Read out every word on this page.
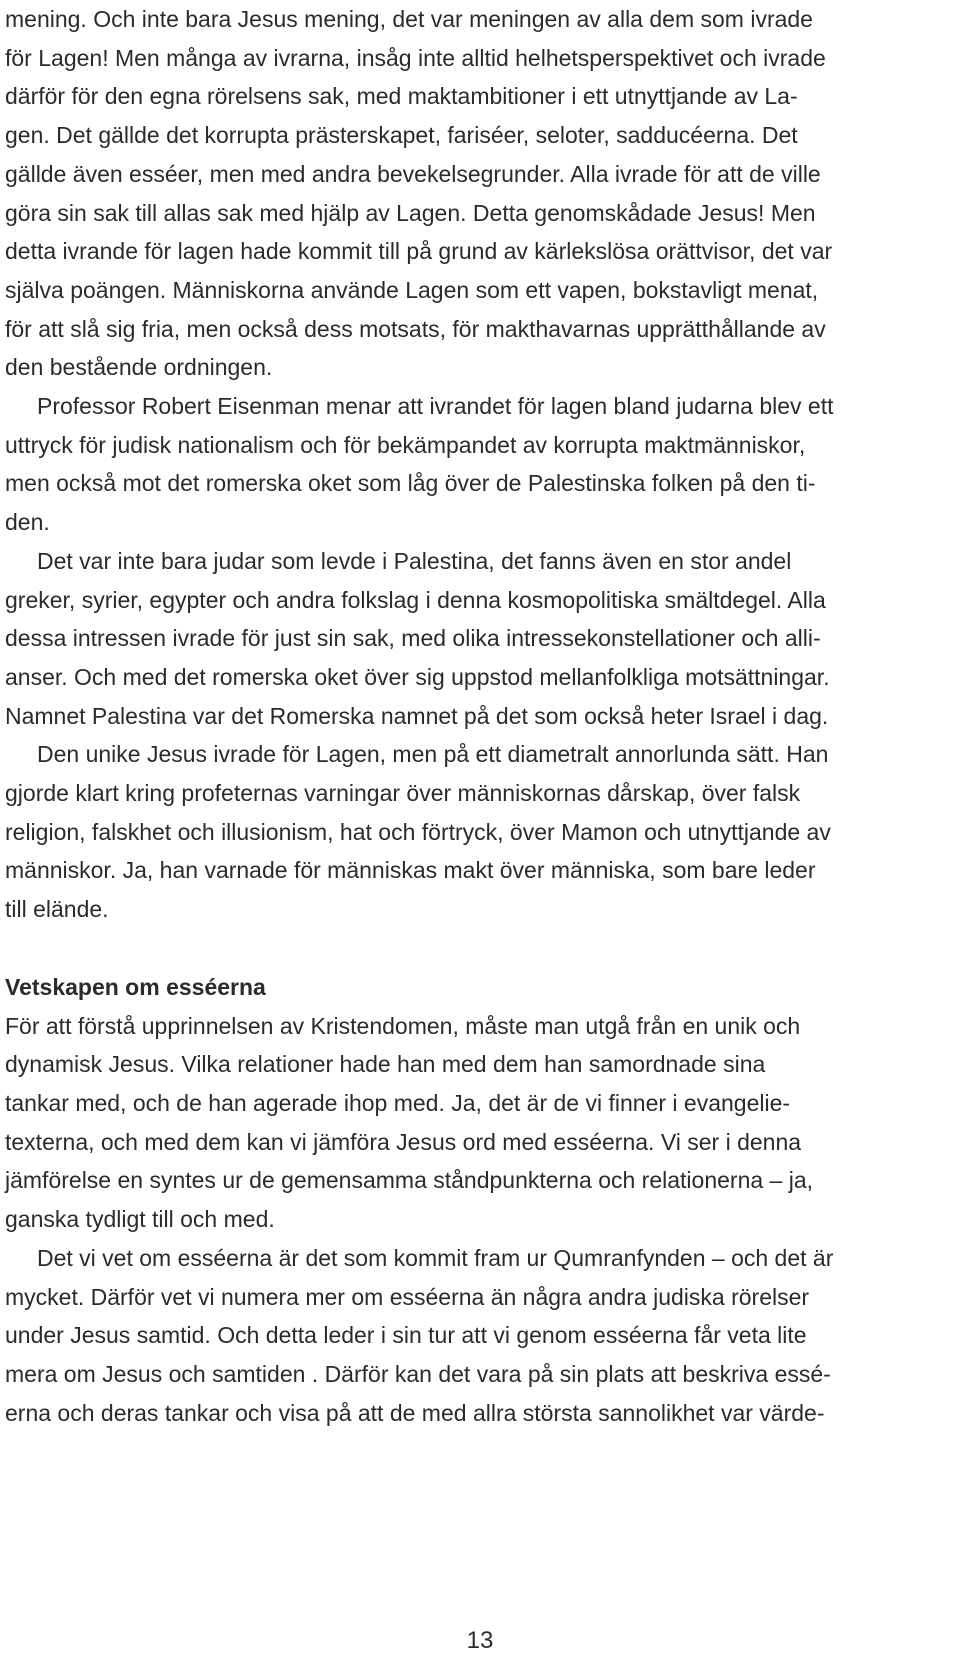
mening. Och inte bara Jesus mening, det var meningen av alla dem som ivrade
för Lagen! Men många av ivrarna, insåg inte alltid helhetsperspektivet och ivrade
därför för den egna rörelsens sak, med maktambitioner i ett utnyttjande av La-
gen. Det gällde det korrupta prästerskapet, fariséer, seloter, sadducéerna. Det
gällde även esséer, men med andra bevekelsegrunder. Alla ivrade för att de ville
göra sin sak till allas sak med hjälp av Lagen. Detta genomskådade Jesus! Men
detta ivrande för lagen hade kommit till på grund av kärlekslösa orättvisor, det var
själva poängen. Människorna använde Lagen som ett vapen, bokstavligt menat,
för att slå sig fria, men också dess motsats, för makthavarnas upprätthållande av
den bestående ordningen.
Professor Robert Eisenman menar att ivrandet för lagen bland judarna blev ett
uttryck för judisk nationalism och för bekämpandet av korrupta maktmänniskor,
men också mot det romerska oket som låg över de Palestinska folken på den ti-
den.
Det var inte bara judar som levde i Palestina, det fanns även en stor andel
greker, syrier, egypter och andra folkslag i denna kosmopolitiska smältdegel. Alla
dessa intressen ivrade för just sin sak, med olika intressekonstellationer och alli-
anser. Och med det romerska oket över sig uppstod mellanfolkliga motsättningar.
Namnet Palestina var det Romerska namnet på det som också heter Israel i dag.
Den unike Jesus ivrade för Lagen, men på ett diametralt annorlunda sätt. Han
gjorde klart kring profeternas varningar över människornas dårskap, över falsk
religion, falskhet och illusionism, hat och förtryck, över Mamon och utnyttjande av
människor. Ja, han varnade för människas makt över människa, som bare leder
till elände.
Vetskapen om esséerna
För att förstå upprinnelsen av Kristendomen, måste man utgå från en unik och
dynamisk Jesus. Vilka relationer hade han med dem han samordnade sina
tankar med, och de han agerade ihop med. Ja, det är de vi finner i evangelie-
texterna, och med dem kan vi jämföra Jesus ord med esséerna. Vi ser i denna
jämförelse en syntes ur de gemensamma ståndpunkterna och relationerna – ja,
ganska tydligt till och med.
Det vi vet om esséerna är det som kommit fram ur Qumranfynden – och det är
mycket. Därför vet vi numera mer om esséerna än några andra judiska rörelser
under Jesus samtid. Och detta leder i sin tur att vi genom esséerna får veta lite
mera om Jesus och samtiden . Därför kan det vara på sin plats att beskriva essé-
erna och deras tankar och visa på att de med allra största sannolikhet var värde-
13
